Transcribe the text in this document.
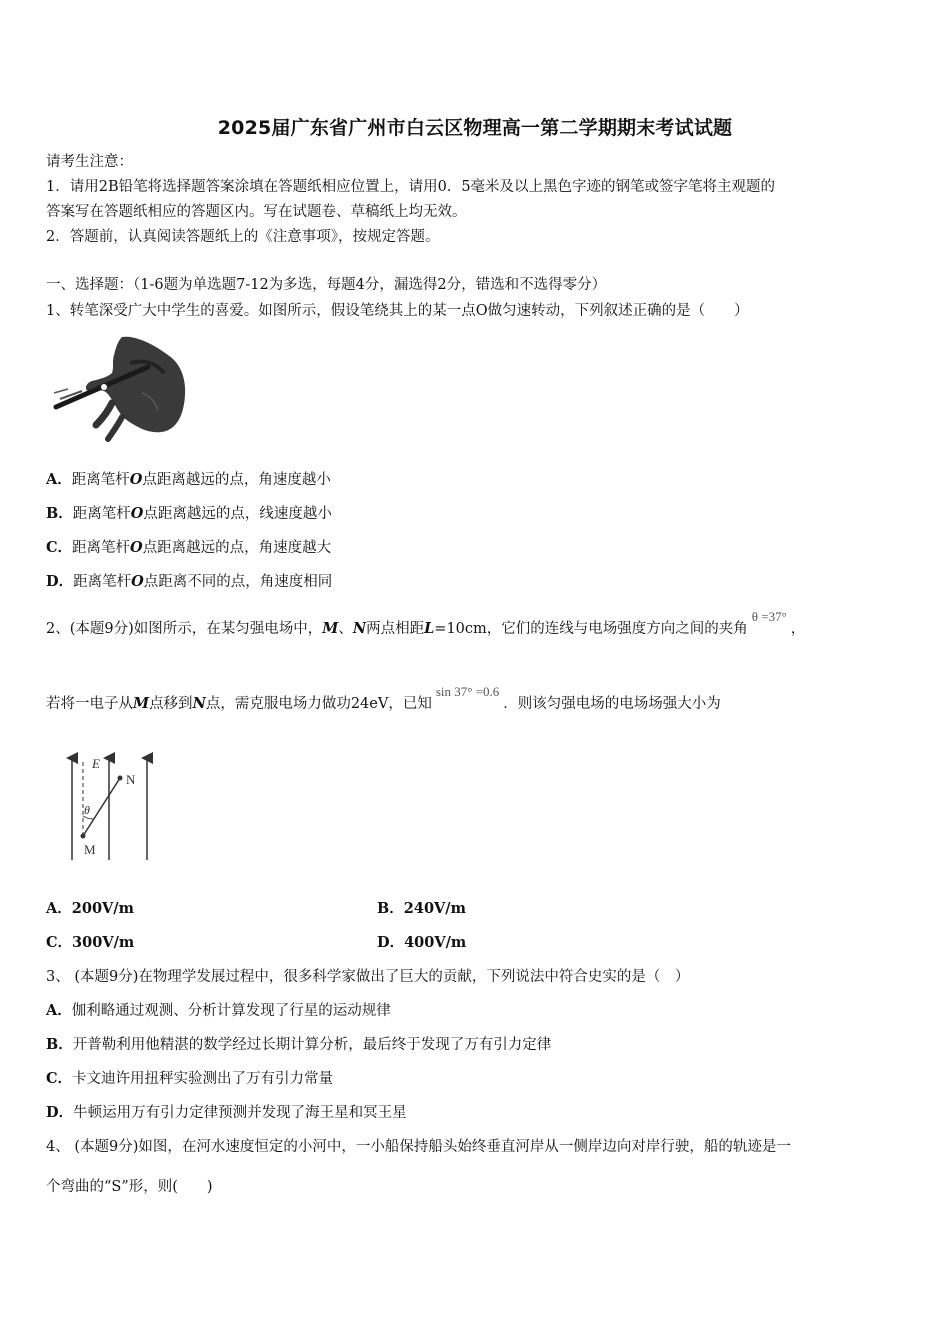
2025届广东省广州市白云区物理高一第二学期期末考试试题
请考生注意：
1．请用2B铅笔将选择题答案涂填在答题纸相应位置上，请用0．5毫米及以上黑色字迹的钢笔或签字笔将主观题的
答案写在答题纸相应的答题区内。写在试题卷、草稿纸上均无效。
2．答题前，认真阅读答题纸上的《注意事项》，按规定答题。
一、选择题：（1-6题为单选题7-12为多选，每题4分，漏选得2分，错选和不选得零分）
1、转笔深受广大中学生的喜爱。如图所示，假设笔绕其上的某一点O做匀速转动，下列叙述正确的是（　　）
A．距离笔杆O点距离越远的点，角速度越小
B．距离笔杆O点距离越远的点，线速度越小
C．距离笔杆O点距离越远的点，角速度越大
D．距离笔杆O点距离不同的点，角速度相同
2、(本题9分)如图所示，在某匀强电场中，M、N两点相距L=10cm，它们的连线与电场强度方向之间的夹角θ =37°，
若将一电子从M点移到N点，需克服电场力做功24eV，已知sin 37° =0.6．则该匀强电场的电场场强大小为
E
N
θ
M
A．200V/m	B．240V/m
C．300V/m	D．400V/m
3、 (本题9分)在物理学发展过程中，很多科学家做出了巨大的贡献，下列说法中符合史实的是（　）
A．伽利略通过观测、分析计算发现了行星的运动规律
B．开普勒利用他精湛的数学经过长期计算分析，最后终于发现了万有引力定律
C．卡文迪许用扭秤实验测出了万有引力常量
D．牛顿运用万有引力定律预测并发现了海王星和冥王星
4、 (本题9分)如图，在河水速度恒定的小河中，一小船保持船头始终垂直河岸从一侧岸边向对岸行驶，船的轨迹是一
个弯曲的“S”形，则(　　)
